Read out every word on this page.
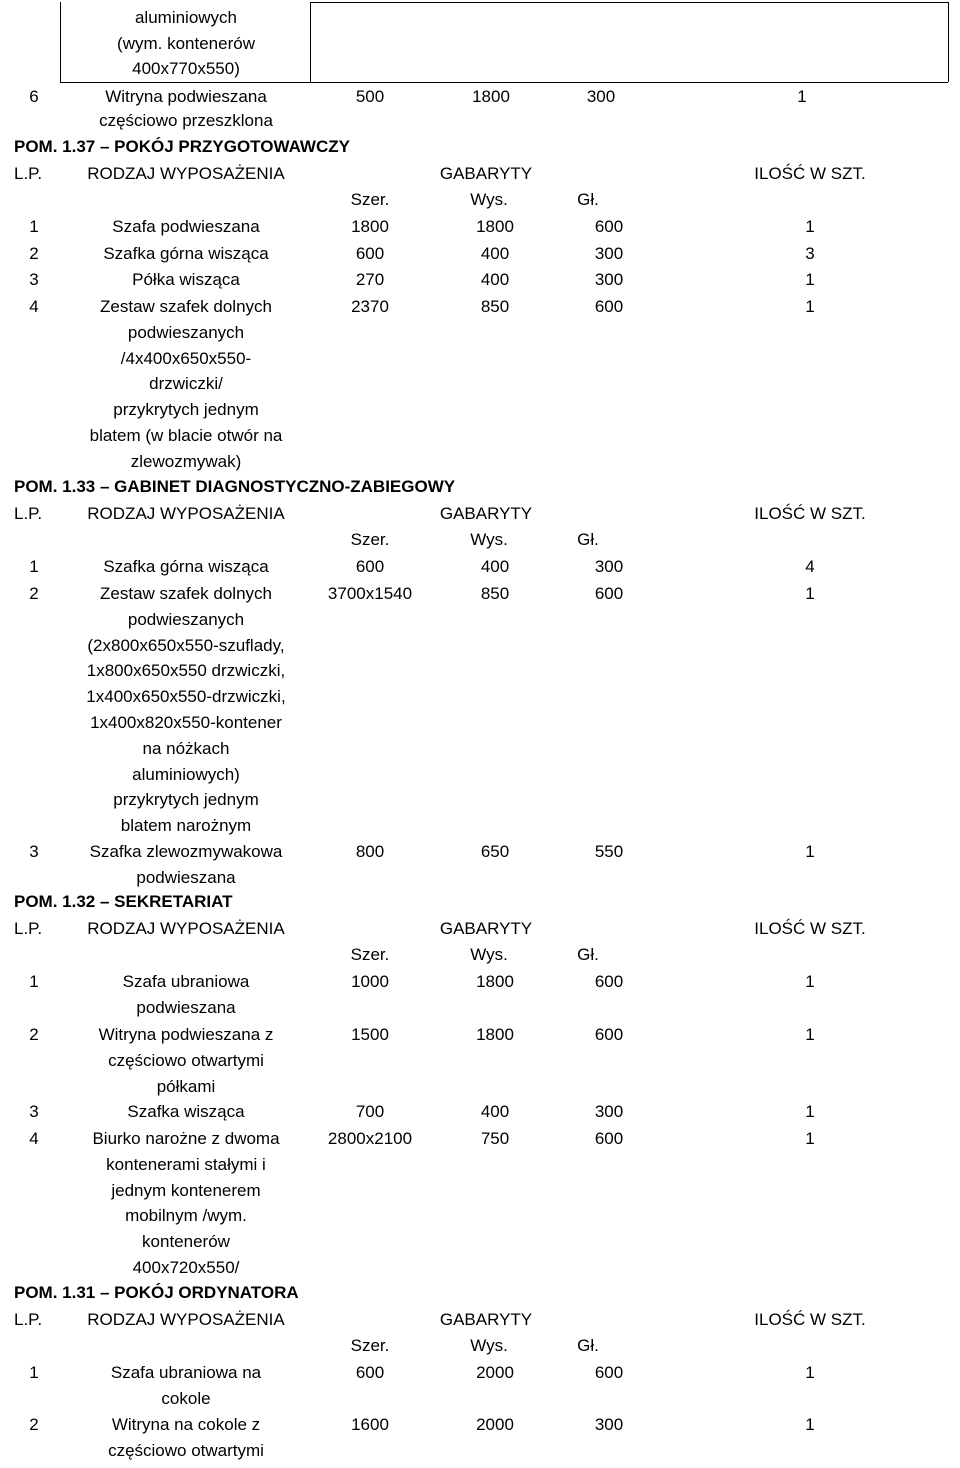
aluminiowych
(wym. kontenerów
400x770x550)
6	Witryna podwieszana
częściowo przeszklona
500	1800	300	1
POM. 1.37 – POKÓJ PRZYGOTOWAWCZY
L.P.	RODZAJ WYPOSAŻENIA	GABARYTY	ILOŚĆ W SZT.
Szer.	Wys.	Gł.
1	Szafa podwieszana	1800	1800	600	1
2	Szafka górna wisząca	600	400	300	3
3	Półka wisząca	270	400	300	1
4	Zestaw szafek dolnych
podwieszanych
/4x400x650x550-
drzwiczki/
przykrytych jednym
blatem (w blacie otwór na
zlewozmywak)
2370	850	600	1
POM. 1.33 – GABINET DIAGNOSTYCZNO-ZABIEGOWY
L.P.	RODZAJ WYPOSAŻENIA	GABARYTY	ILOŚĆ W SZT.
Szer.	Wys.	Gł.
1	Szafka górna wisząca	600	400	300	4
2	Zestaw szafek dolnych
podwieszanych
(2x800x650x550-szuflady,
1x800x650x550 drzwiczki,
1x400x650x550-drzwiczki,
1x400x820x550-kontener
na nóżkach
aluminiowych)
przykrytych jednym
blatem narożnym
3700x1540	850	600	1
3	Szafka zlewozmywakowa
podwieszana
800	650	550	1
POM. 1.32 – SEKRETARIAT
L.P.	RODZAJ WYPOSAŻENIA	GABARYTY	ILOŚĆ W SZT.
Szer.	Wys.	Gł.
1	Szafa ubraniowa
podwieszana
1000	1800	600	1
2	Witryna podwieszana z
częściowo otwartymi
półkami
1500	1800	600	1
3	Szafka wisząca	700	400	300	1
4	Biurko narożne z dwoma
kontenerami stałymi i
jednym kontenerem
mobilnym /wym.
kontenerów
400x720x550/
2800x2100	750	600	1
POM. 1.31 – POKÓJ ORDYNATORA
L.P.	RODZAJ WYPOSAŻENIA	GABARYTY	ILOŚĆ W SZT.
Szer.	Wys.	Gł.
1	Szafa ubraniowa na
cokole
600	2000	600	1
2	Witryna na cokole z
częściowo otwartymi
1600	2000	300	1
